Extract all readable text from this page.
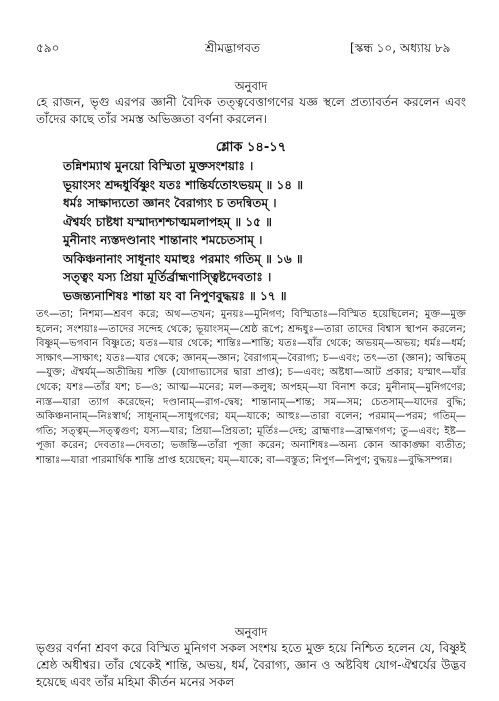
৫৯০	শ্রীমদ্ভাগবত	[স্কন্ধ ১০, অধ্যায় ৮৯
অনুবাদ
হে রাজন, ভৃগু এরপর জ্ঞানী বৈদিক তত্ত্ববেত্তাগণের যজ্ঞ স্থলে প্রত্যাবর্তন করলেন এবং তাঁদের কাছে তাঁর সমস্ত অভিজ্ঞতা বর্ণনা করলেন।
শ্লোক ১৪-১৭
তন্নিশম্যাথ মুনয়ো বিস্মিতা মুক্তসংশয়াঃ ।
ভূয়াংসং শ্রদ্দধুর্বিষ্ণুং যতঃ শান্তির্যতোঽভয়ম্ ॥ ১৪ ॥
ধর্মঃ সাক্ষাদ্যতো জ্ঞানং বৈরাগ্যং চ তদন্বিতম্ ।
ঐশ্বর্যং চাষ্টধা যস্মাদ্যশশ্চাত্মমলাপহম্ ॥ ১৫ ॥
মুনীনাং ন্যস্তদণ্ডানাং শান্তানাং শমচেতসাম্ ।
অকিঞ্চনানাং সাধূনাং যমাহুঃ পরমাং গতিম্ ॥ ১৬ ॥
সত্ত্বং যস্য প্রিয়া মূর্তির্ব্রাহ্মণাস্ত্বিষ্টদেবতাঃ ।
ভজন্ত্যনাশিষঃ শান্তা যং বা নিপুণবুদ্ধয়ঃ ॥ ১৭ ॥
তৎ—তা; নিশম্য—শ্রবণ করে; অথ—তখন; মুনয়ঃ—মুনিগণ; বিস্মিতাঃ—বিস্মিত হয়েছিলেন; মুক্ত—মুক্ত হলেন; সংশয়াঃ—তাদের সন্দেহ থেকে; ভূয়াংসম্—শ্রেষ্ঠ রূপে; শ্রদ্দধুঃ—তারা তাদের বিশ্বাস স্থাপন করলেন; বিষ্ণুম্—ভগবান বিষ্ণুতে; যতঃ—যার থেকে; শান্তিঃ—শান্তি; যতঃ—যাঁর থেকে; অভয়ম্—অভয়; ধর্মঃ—ধর্ম; সাক্ষাৎ—সাক্ষাৎ; যতঃ—যার থেকে; জ্ঞানম্—জ্ঞান; বৈরাগ্যম্—বৈরাগ্য; চ—এবং; তৎ—তা (জ্ঞান); অন্বিতম্—যুক্ত; ঐশ্বর্যম্—অতীন্দ্রিয় শক্তি (যোগাভ্যাসের দ্বারা প্রাপ্ত); চ—এবং; অষ্টধা—আট প্রকার; যস্মাৎ—যাঁর থেকে; যশঃ—তাঁর যশ; চ—ও; আত্ম—মনের; মল—কলুষ; অপহম্—যা বিনাশ করে; মুনীনাম্—মুনিগণের; ন্যস্ত—যারা ত্যাগ করেছেন; দণ্ডানাম্—রাগ-দ্বেষ; শান্তানাম্—শান্ত; সম—সম; চেতসাম্—যাদের বুদ্ধি; অকিঞ্চনানাম্—নিঃস্বার্থ; সাধূনাম্—সাধুগণের; যম্—যাকে; আহুঃ—তারা বলেন; পরমাম্—পরম; গতিম্—গতি; সত্ত্বম্—সত্ত্বগুণ; যস্য—যার; প্রিয়া—প্রিয়তা; মূর্তিঃ—দেহ; ব্রাহ্মণাঃ—ব্রাহ্মণগণ; তু—এবং; ইষ্ট—পূজা করেন; দেবতাঃ—দেবতা; ভজন্তি—তাঁরা পূজা করেন; অনাশিষঃ—অন্য কোন আকাঙ্ক্ষা ব্যতীত; শান্তাঃ—যারা পারমার্থিক শান্তি প্রাপ্ত হয়েছেন; যম্—যাকে; বা—বস্তুত; নিপুণ—নিপুণ; বুদ্ধয়ঃ—বুদ্ধিসম্পন্ন।
অনুবাদ
ভৃগুর বর্ণনা শ্রবণ করে বিস্মিত মুনিগণ সকল সংশয় হতে মুক্ত হয়ে নিশ্চিত হলেন যে, বিষ্ণুই শ্রেষ্ঠ অধীশ্বর। তাঁর থেকেই শান্তি, অভয়, ধর্ম, বৈরাগ্য, জ্ঞান ও অষ্টবিধ যোগ-ঐশ্বর্যের উদ্ভব হয়েছে এবং তাঁর মহিমা কীর্তন মনের সকল
